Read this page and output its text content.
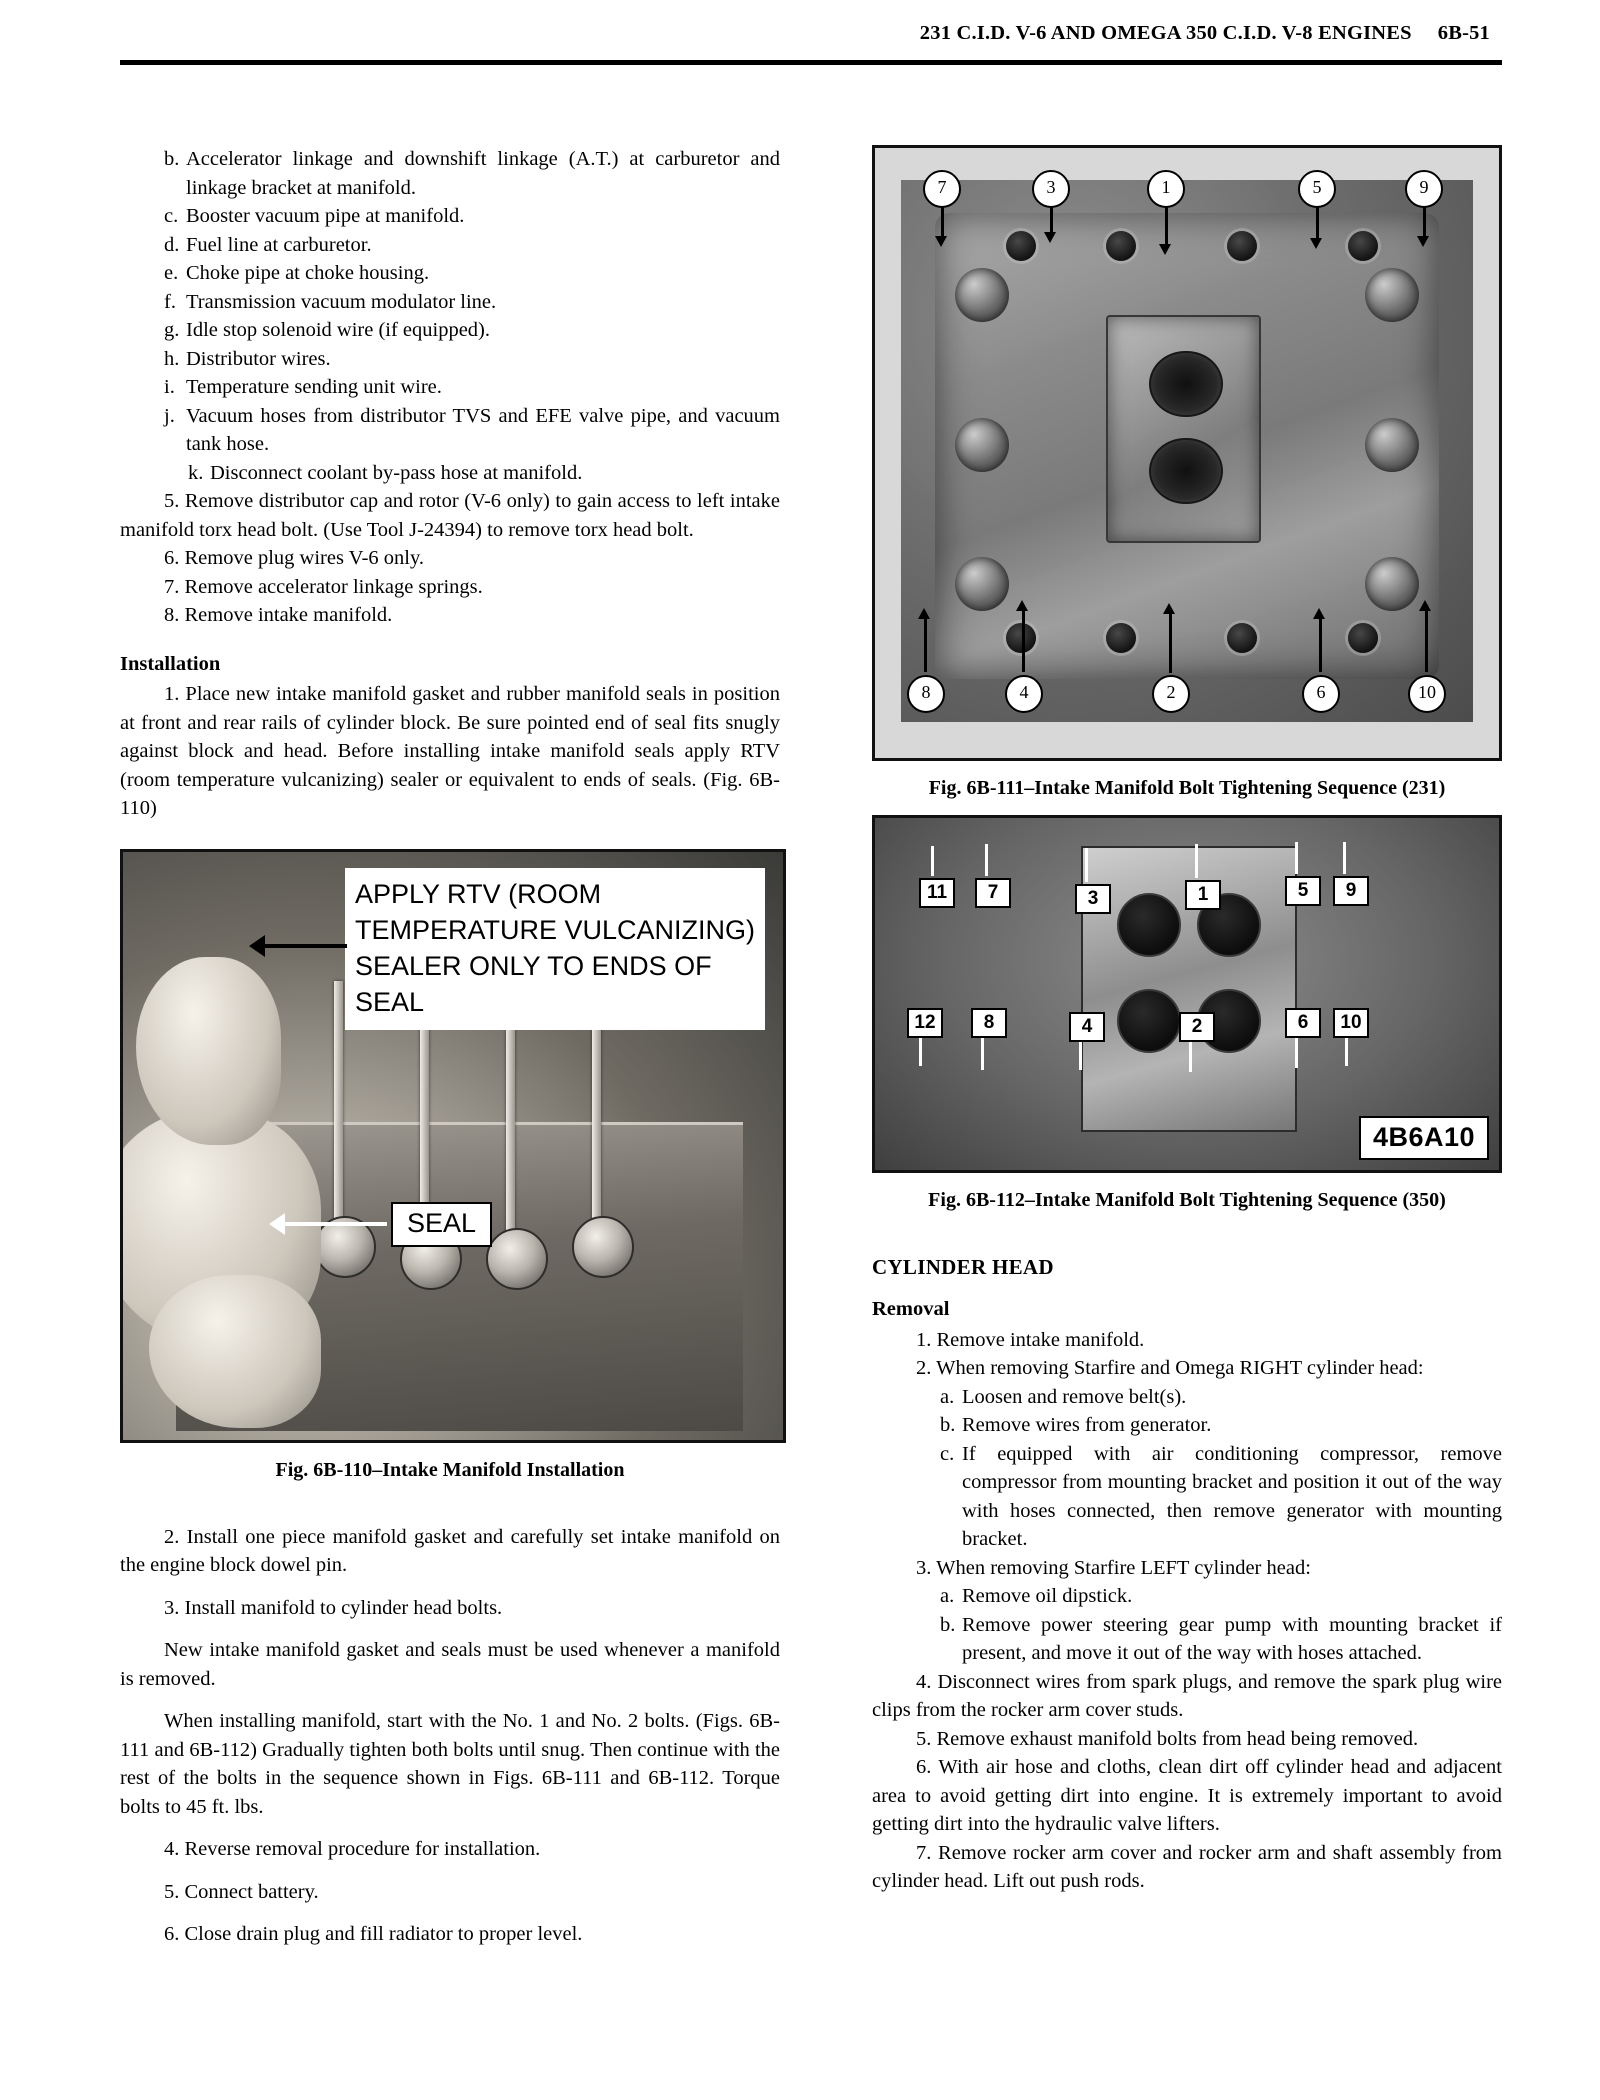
231 C.I.D. V-6 AND OMEGA 350 C.I.D. V-8 ENGINES 6B-51
b. Accelerator linkage and downshift linkage (A.T.) at carburetor and linkage bracket at manifold.
c. Booster vacuum pipe at manifold.
d. Fuel line at carburetor.
e. Choke pipe at choke housing.
f. Transmission vacuum modulator line.
g. Idle stop solenoid wire (if equipped).
h. Distributor wires.
i. Temperature sending unit wire.
j. Vacuum hoses from distributor TVS and EFE valve pipe, and vacuum tank hose.
k. Disconnect coolant by-pass hose at manifold.

5. Remove distributor cap and rotor (V-6 only) to gain access to left intake manifold torx head bolt. (Use Tool J-24394) to remove torx head bolt.

6. Remove plug wires V-6 only.

7. Remove accelerator linkage springs.

8. Remove intake manifold.

Installation

1. Place new intake manifold gasket and rubber manifold seals in position at front and rear rails of cylinder block. Be sure pointed end of seal fits snugly against block and head. Before installing intake manifold seals apply RTV (room temperature vulcanizing) sealer or equivalent to ends of seals. (Fig. 6B-110)

APPLY RTV (ROOM TEMPERATURE VULCANIZING) SEALER ONLY TO ENDS OF SEAL
SEAL
Fig. 6B-110–Intake Manifold Installation

2. Install one piece manifold gasket and carefully set intake manifold on the engine block dowel pin.

3. Install manifold to cylinder head bolts.

New intake manifold gasket and seals must be used whenever a manifold is removed.

When installing manifold, start with the No. 1 and No. 2 bolts. (Figs. 6B-111 and 6B-112) Gradually tighten both bolts until snug. Then continue with the rest of the bolts in the sequence shown in Figs. 6B-111 and 6B-112. Torque bolts to 45 ft. lbs.

4. Reverse removal procedure for installation.

5. Connect battery.

6. Close drain plug and fill radiator to proper level.

7	3	1	5	9
8	4	2	6	10
Fig. 6B-111–Intake Manifold Bolt Tightening Sequence (231)
11	7	3	1	5	9
12	8	4	2	6	10
4B6A10
Fig. 6B-112–Intake Manifold Bolt Tightening Sequence (350)
CYLINDER HEAD
Removal

1. Remove intake manifold.

2. When removing Starfire and Omega RIGHT cylinder head:

a. Loosen and remove belt(s).
b. Remove wires from generator.
c. If equipped with air conditioning compressor, remove compressor from mounting bracket and position it out of the way with hoses connected, then remove generator with mounting bracket.

3. When removing Starfire LEFT cylinder head:

a. Remove oil dipstick.
b. Remove power steering gear pump with mounting bracket if present, and move it out of the way with hoses attached.

4. Disconnect wires from spark plugs, and remove the spark plug wire clips from the rocker arm cover studs.

5. Remove exhaust manifold bolts from head being removed.

6. With air hose and cloths, clean dirt off cylinder head and adjacent area to avoid getting dirt into engine. It is extremely important to avoid getting dirt into the hydraulic valve lifters.

7. Remove rocker arm cover and rocker arm and shaft assembly from cylinder head. Lift out push rods.
